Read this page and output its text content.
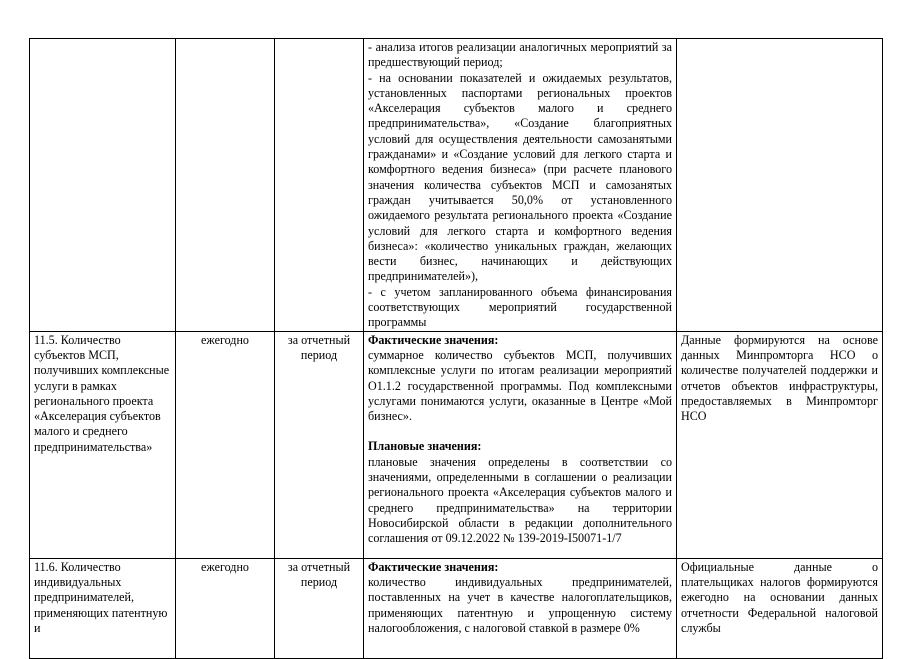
			- анализа итогов реализации аналогичных мероприятий за предшествующий период;
- на основании показателей и ожидаемых результатов, установленных паспортами региональных проектов «Акселерация субъектов малого и среднего предпринимательства», «Создание благоприятных условий для осуществления деятельности самозанятыми гражданами» и «Создание условий для легкого старта и комфортного ведения бизнеса» (при расчете планового значения количества субъектов МСП и самозанятых граждан учитывается 50,0% от установленного ожидаемого результата регионального проекта «Создание условий для легкого старта и комфортного ведения бизнеса»: «количество уникальных граждан, желающих вести бизнес, начинающих и действующих предпринимателей»),
- с учетом запланированного объема финансирования соответствующих мероприятий государственной программы	

11.5. Количество субъектов МСП, получивших комплексные услуги в рамках регионального проекта «Акселерация субъектов малого и среднего предпринимательства»	ежегодно	за отчетный период	Фактические значения:
суммарное количество субъектов МСП, получивших комплексные услуги по итогам реализации мероприятий О1.1.2 государственной программы. Под комплексными услугами понимаются услуги, оказанные в Центре «Мой бизнес».
Плановые значения:
плановые значения определены в соответствии со значениями, определенными в соглашении о реализации регионального проекта «Акселерация субъектов малого и среднего предпринимательства» на территории Новосибирской области в редакции дополнительного соглашения от 09.12.2022 № 139-2019-I50071-1/7	Данные формируются на основе данных Минпромторга НСО о количестве получателей поддержки и отчетов объектов инфраструктуры, предоставляемых в Минпромторг НСО
11.6. Количество индивидуальных предпринимателей, применяющих патентную и	ежегодно	за отчетный период	Фактические значения:
количество индивидуальных предпринимателей, поставленных на учет в качестве налогоплательщиков, применяющих патентную и упрощенную систему налогообложения, с налоговой ставкой в размере 0%	Официальные данные о плательщиках налогов формируются ежегодно на основании данных отчетности Федеральной налоговой службы
